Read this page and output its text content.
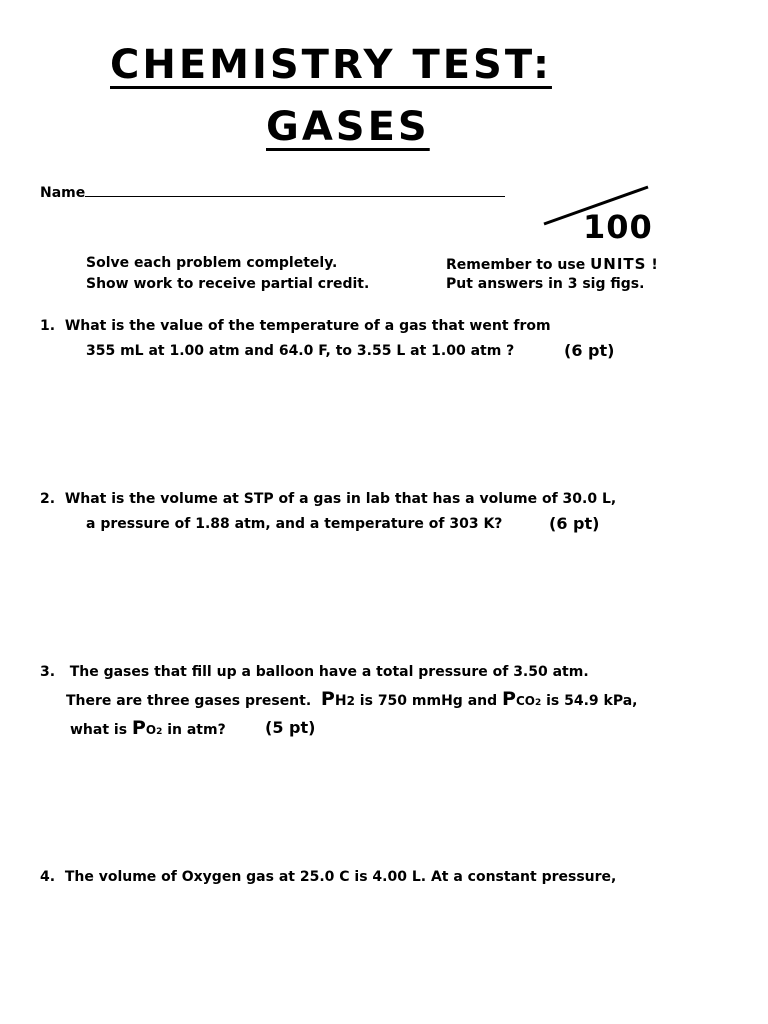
CHEMISTRY TEST:
GASES
Name
100
Solve each problem completely.
Show work to receive partial credit.
Remember to use UNITS !
Put answers in 3 sig figs.
1. What is the value of the temperature of a gas that went from
355 mL at 1.00 atm and 64.0 F, to 3.55 L at 1.00 atm ?	(6 pt)
2. What is the volume at STP of a gas in lab that has a volume of 30.0 L,
a pressure of 1.88 atm, and a temperature of 303 K?	(6 pt)
3. The gases that fill up a balloon have a total pressure of 3.50 atm.
There are three gases present. PH2 is 750 mmHg and PCO2 is 54.9 kPa,
what is PO2 in atm? (5 pt)
4. The volume of Oxygen gas at 25.0 C is 4.00 L. At a constant pressure,
